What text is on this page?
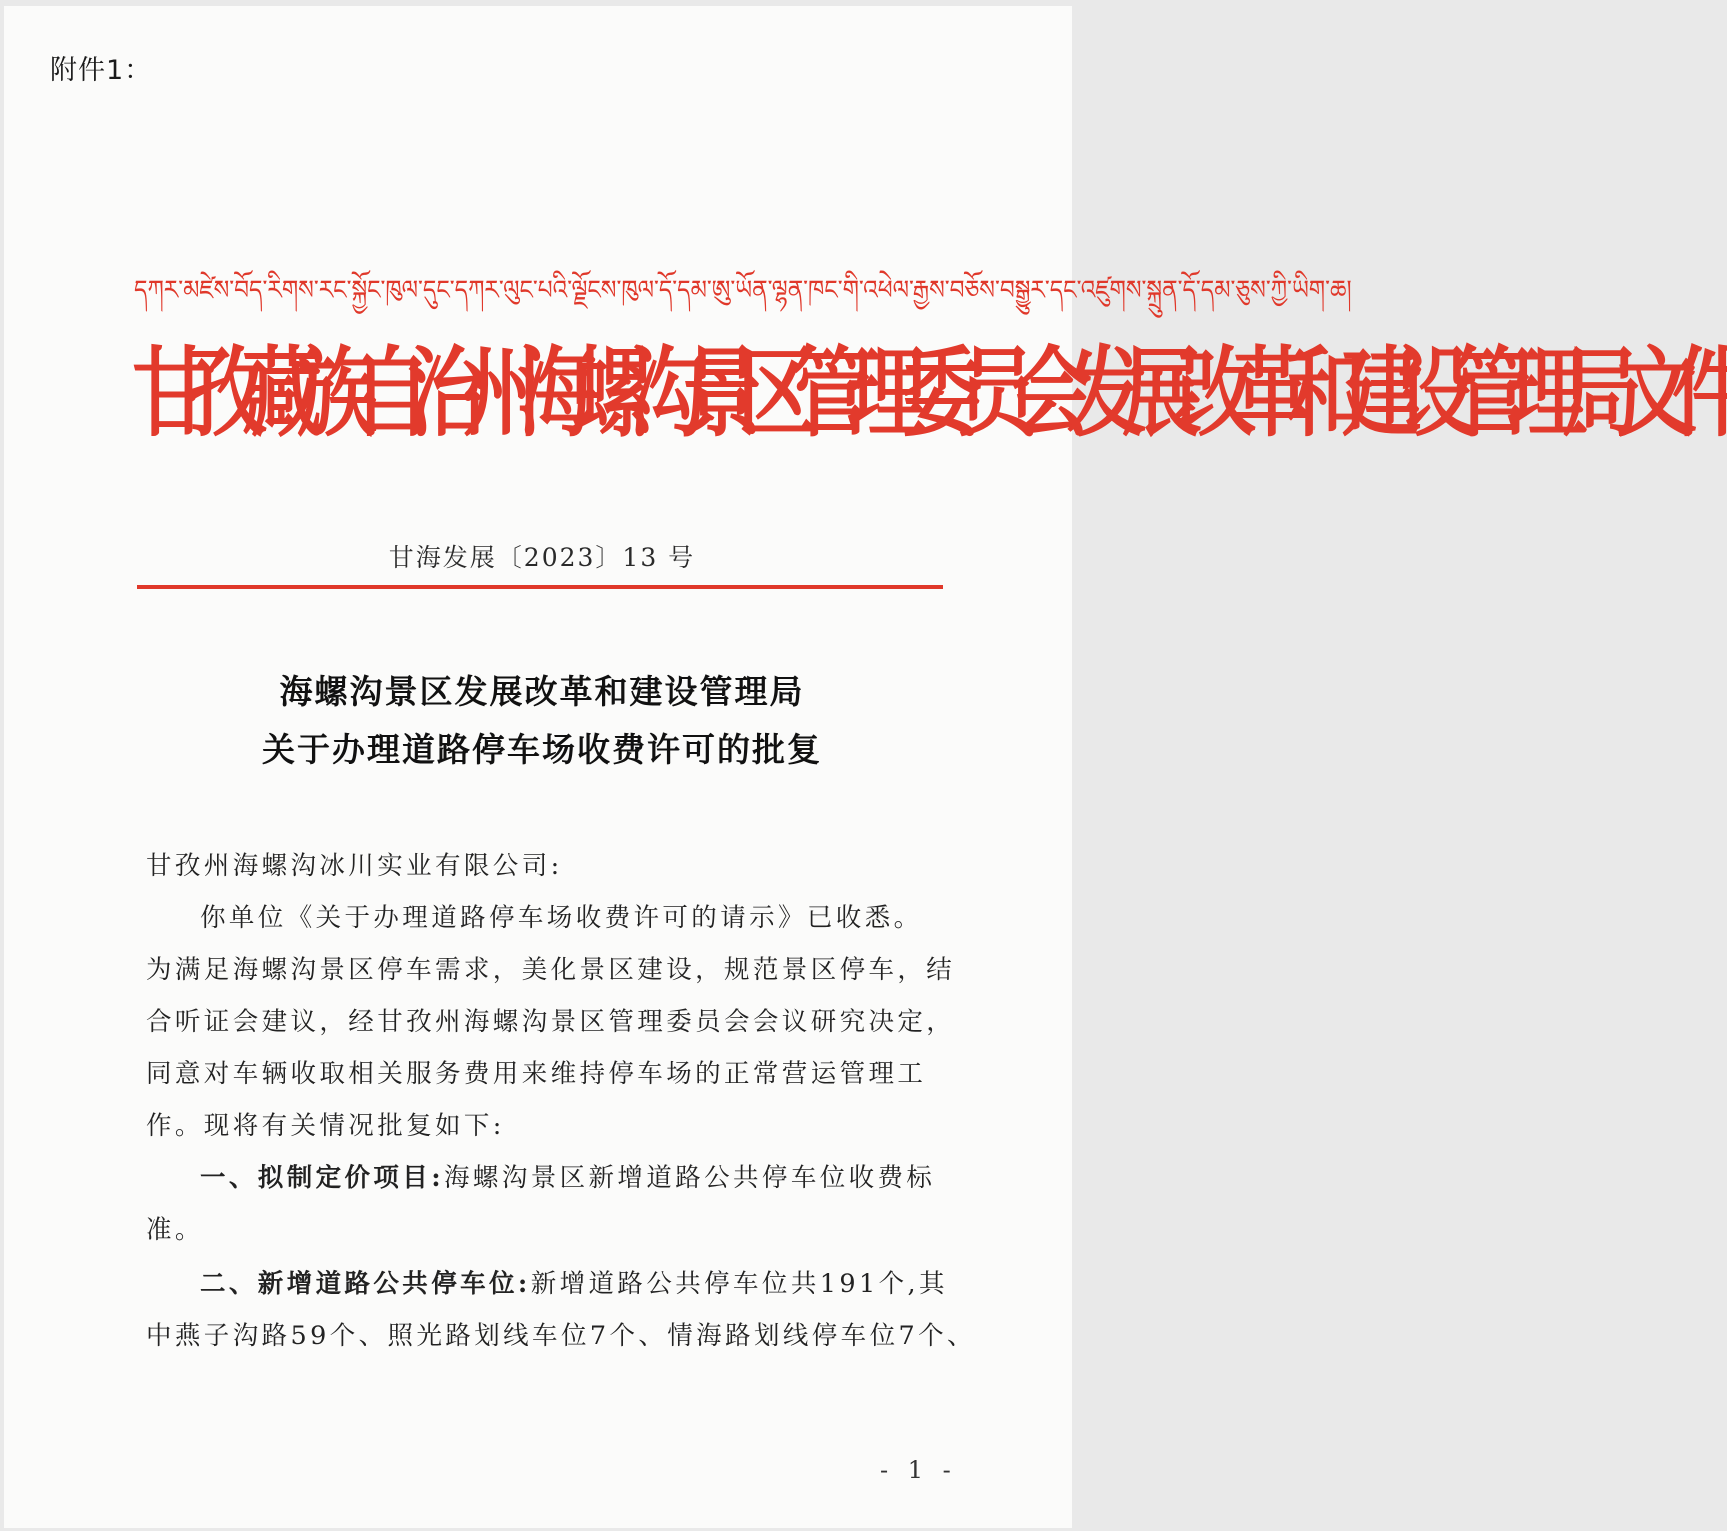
附件1：
དཀར་མཛེས་བོད་རིགས་རང་སྐྱོང་ཁུལ་དུང་དཀར་ལུང་པའི་ལྗོངས་ཁུལ་དོ་དམ་ཨུ་ཡོན་ལྷན་ཁང་གི་འཕེལ་རྒྱས་བཅོས་བསྒྱུར་དང་འཛུགས་སྐྲུན་དོ་དམ་ཅུས་ཀྱི་ཡིག་ཆ།
甘孜藏族自治州海螺沟景区管理委员会发展改革和建设管理局文件
甘海发展〔2023〕13 号
海螺沟景区发展改革和建设管理局
关于办理道路停车场收费许可的批复
甘孜州海螺沟冰川实业有限公司:
你单位《关于办理道路停车场收费许可的请示》已收悉。
为满足海螺沟景区停车需求，美化景区建设，规范景区停车，结
合听证会建议，经甘孜州海螺沟景区管理委员会会议研究决定，
同意对车辆收取相关服务费用来维持停车场的正常营运管理工
作。现将有关情况批复如下:
一、拟制定价项目:海螺沟景区新增道路公共停车位收费标
准。
二、新增道路公共停车位:新增道路公共停车位共191个,其
中燕子沟路59个、照光路划线车位7个、情海路划线停车位7个、
- 1 -
